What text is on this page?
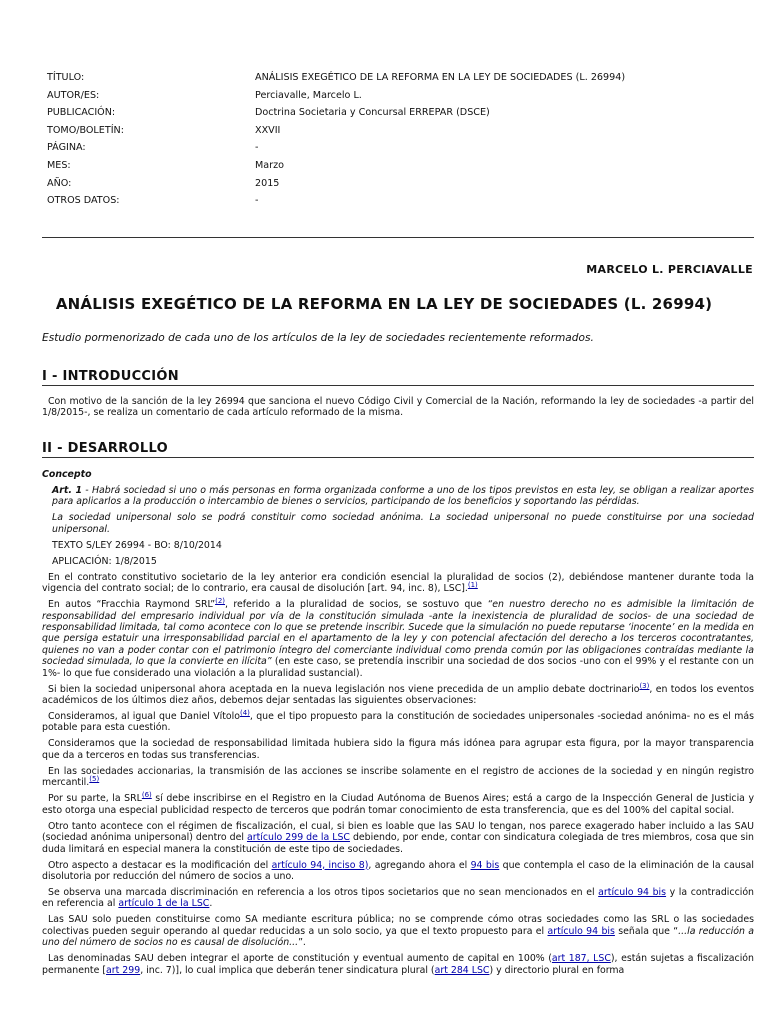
TÍTULO:	ANÁLISIS EXEGÉTICO DE LA REFORMA EN LA LEY DE SOCIEDADES (L. 26994)
AUTOR/ES:	Perciavalle, Marcelo L.
PUBLICACIÓN:	Doctrina Societaria y Concursal ERREPAR (DSCE)
TOMO/BOLETÍN:	XXVII
PÁGINA:	-
MES:	Marzo
AÑO:	2015
OTROS DATOS:	-
MARCELO L. PERCIAVALLE
ANÁLISIS EXEGÉTICO DE LA REFORMA EN LA LEY DE SOCIEDADES (L. 26994)
Estudio pormenorizado de cada uno de los artículos de la ley de sociedades recientemente reformados.
I - INTRODUCCIÓN

Con motivo de la sanción de la ley 26994 que sanciona el nuevo Código Civil y Comercial de la Nación, reformando la ley de sociedades -a partir del 1/8/2015-, se realiza un comentario de cada artículo reformado de la misma.

II - DESARROLLO

Concepto

Art. 1 - Habrá sociedad si uno o más personas en forma organizada conforme a uno de los tipos previstos en esta ley, se obligan a realizar aportes para aplicarlos a la producción o intercambio de bienes o servicios, participando de los beneficios y soportando las pérdidas.

La sociedad unipersonal solo se podrá constituir como sociedad anónima. La sociedad unipersonal no puede constituirse por una sociedad unipersonal.

TEXTO S/LEY 26994 - BO: 8/10/2014

APLICACIÓN: 1/8/2015

En el contrato constitutivo societario de la ley anterior era condición esencial la pluralidad de socios (2), debiéndose mantener durante toda la vigencia del contrato social; de lo contrario, era causal de disolución [art. 94, inc. 8), LSC].$^{(1)}$

En autos “Fracchia Raymond SRL”$^{(2)}$, referido a la pluralidad de socios, se sostuvo que “en nuestro derecho no es admisible la limitación de responsabilidad del empresario individual por vía de la constitución simulada -ante la inexistencia de pluralidad de socios- de una sociedad de responsabilidad limitada, tal como acontece con lo que se pretende inscribir. Sucede que la simulación no puede reputarse ‘inocente’ en la medida en que persiga estatuir una irresponsabilidad parcial en el apartamento de la ley y con potencial afectación del derecho a los terceros cocontratantes, quienes no van a poder contar con el patrimonio íntegro del comerciante individual como prenda común por las obligaciones contraídas mediante la sociedad simulada, lo que la convierte en ilícita” (en este caso, se pretendía inscribir una sociedad de dos socios -uno con el 99% y el restante con un 1%- lo que fue considerado una violación a la pluralidad sustancial).

Si bien la sociedad unipersonal ahora aceptada en la nueva legislación nos viene precedida de un amplio debate doctrinario$^{(3)}$, en todos los eventos académicos de los últimos diez años, debemos dejar sentadas las siguientes observaciones:

Consideramos, al igual que Daniel Vítolo$^{(4)}$, que el tipo propuesto para la constitución de sociedades unipersonales -sociedad anónima- no es el más potable para esta cuestión.

Consideramos que la sociedad de responsabilidad limitada hubiera sido la figura más idónea para agrupar esta figura, por la mayor transparencia que da a terceros en todas sus transferencias.

En las sociedades accionarias, la transmisión de las acciones se inscribe solamente en el registro de acciones de la sociedad y en ningún registro mercantil.$^{(5)}$

Por su parte, la SRL$^{(6)}$ sí debe inscribirse en el Registro en la Ciudad Autónoma de Buenos Aires; está a cargo de la Inspección General de Justicia y esto otorga una especial publicidad respecto de terceros que podrán tomar conocimiento de esta transferencia, que es del 100% del capital social.

Otro tanto acontece con el régimen de fiscalización, el cual, si bien es loable que las SAU lo tengan, nos parece exagerado haber incluido a las SAU (sociedad anónima unipersonal) dentro del artículo 299 de la LSC debiendo, por ende, contar con sindicatura colegiada de tres miembros, cosa que sin duda limitará en especial manera la constitución de este tipo de sociedades.

Otro aspecto a destacar es la modificación del artículo 94, inciso 8), agregando ahora el 94 bis que contempla el caso de la eliminación de la causal disolutoria por reducción del número de socios a uno.

Se observa una marcada discriminación en referencia a los otros tipos societarios que no sean mencionados en el artículo 94 bis y la contradicción en referencia al artículo 1 de la LSC.

Las SAU solo pueden constituirse como SA mediante escritura pública; no se comprende cómo otras sociedades como las SRL o las sociedades colectivas pueden seguir operando al quedar reducidas a un solo socio, ya que el texto propuesto para el artículo 94 bis señala que “...la reducción a uno del número de socios no es causal de disolución...”.

Las denominadas SAU deben integrar el aporte de constitución y eventual aumento de capital en 100% (art 187, LSC), están sujetas a fiscalización permanente [art 299, inc. 7)], lo cual implica que deberán tener sindicatura plural (art 284 LSC) y directorio plural en forma
